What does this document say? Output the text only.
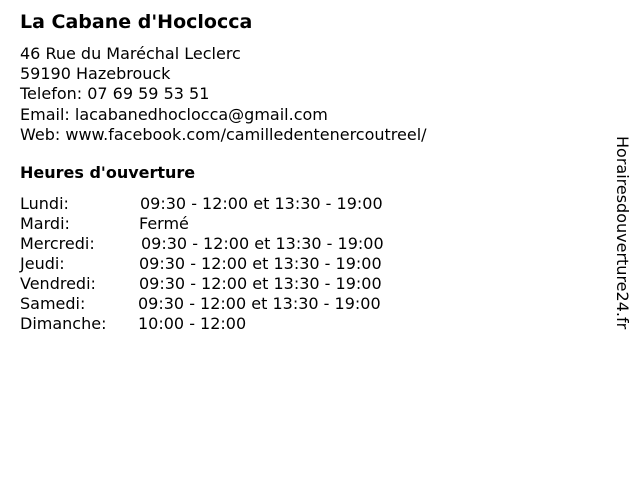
La Cabane d'Hoclocca
46 Rue du Maréchal Leclerc
59190 Hazebrouck
Telefon: 07 69 59 53 51
Email: lacabanedhoclocca@gmail.com
Web: www.facebook.com/camilledentenercoutreel/
Heures d'ouverture
Lundi:	09:30 - 12:00 et 13:30 - 19:00
Mardi:	Fermé
Mercredi:	09:30 - 12:00 et 13:30 - 19:00
Jeudi:	09:30 - 12:00 et 13:30 - 19:00
Vendredi:	09:30 - 12:00 et 13:30 - 19:00
Samedi:	09:30 - 12:00 et 13:30 - 19:00
Dimanche: 10:00 - 12:00	Horairesdouverture24.fr
